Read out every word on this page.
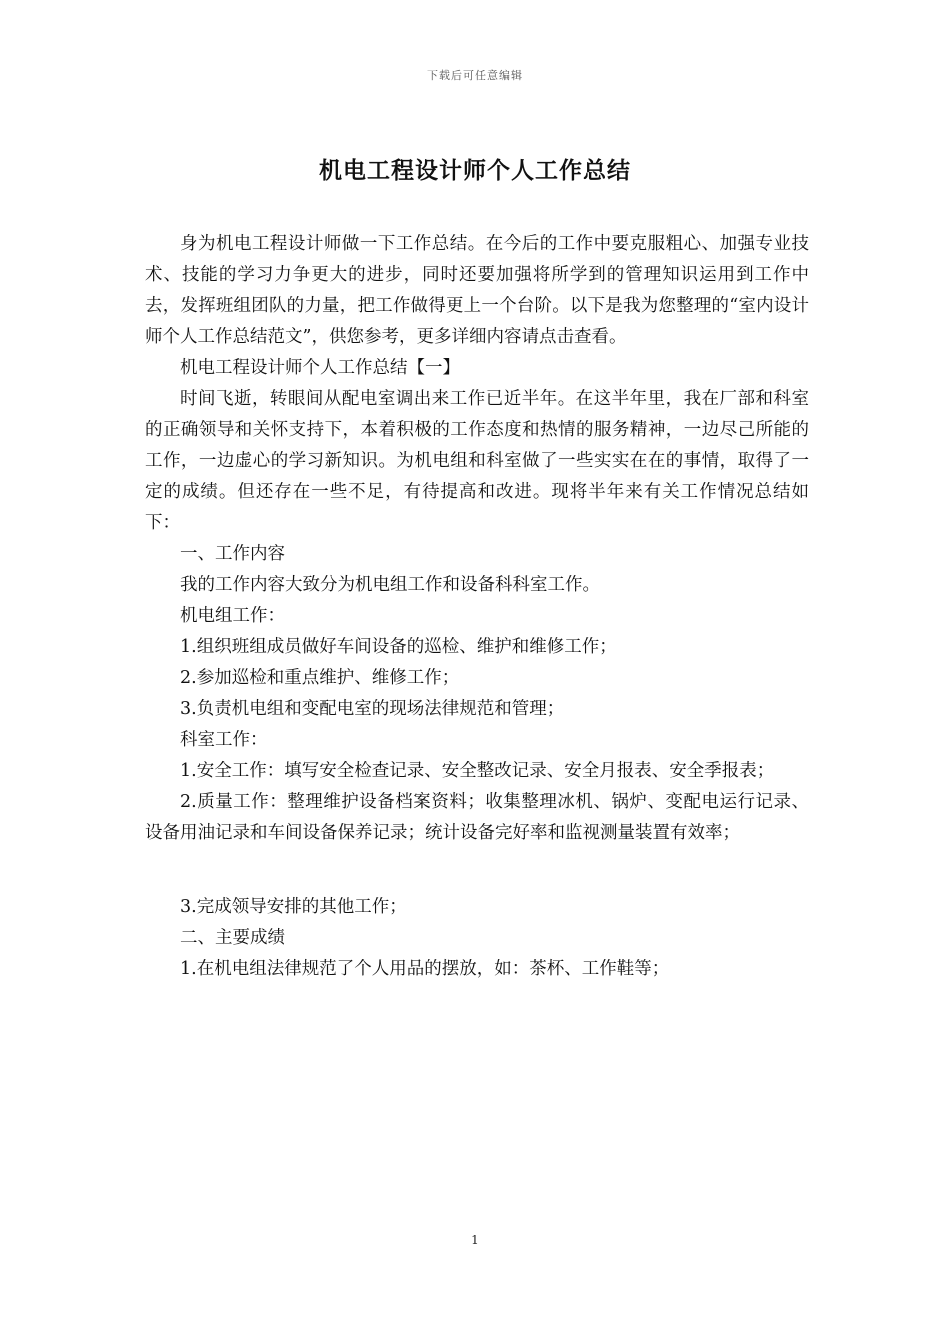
下载后可任意编辑
机电工程设计师个人工作总结

身为机电工程设计师做一下工作总结。在今后的工作中要克服粗心、加强专业技术、技能的学习力争更大的进步，同时还要加强将所学到的管理知识运用到工作中去，发挥班组团队的力量，把工作做得更上一个台阶。以下是我为您整理的“室内设计师个人工作总结范文”，供您参考，更多详细内容请点击查看。

机电工程设计师个人工作总结【一】

时间飞逝，转眼间从配电室调出来工作已近半年。在这半年里，我在厂部和科室的正确领导和关怀支持下，本着积极的工作态度和热情的服务精神，一边尽己所能的工作，一边虚心的学习新知识。为机电组和科室做了一些实实在在的事情，取得了一定的成绩。但还存在一些不足，有待提高和改进。现将半年来有关工作情况总结如下：

一、工作内容

我的工作内容大致分为机电组工作和设备科科室工作。

机电组工作：

1.组织班组成员做好车间设备的巡检、维护和维修工作；

2.参加巡检和重点维护、维修工作；

3.负责机电组和变配电室的现场法律规范和管理；

科室工作：

1.安全工作：填写安全检查记录、安全整改记录、安全月报表、安全季报表；

2.质量工作：整理维护设备档案资料；收集整理冰机、锅炉、变配电运行记录、设备用油记录和车间设备保养记录；统计设备完好率和监视测量装置有效率；

3.完成领导安排的其他工作；

二、主要成绩

1.在机电组法律规范了个人用品的摆放，如：茶杯、工作鞋等；

1
